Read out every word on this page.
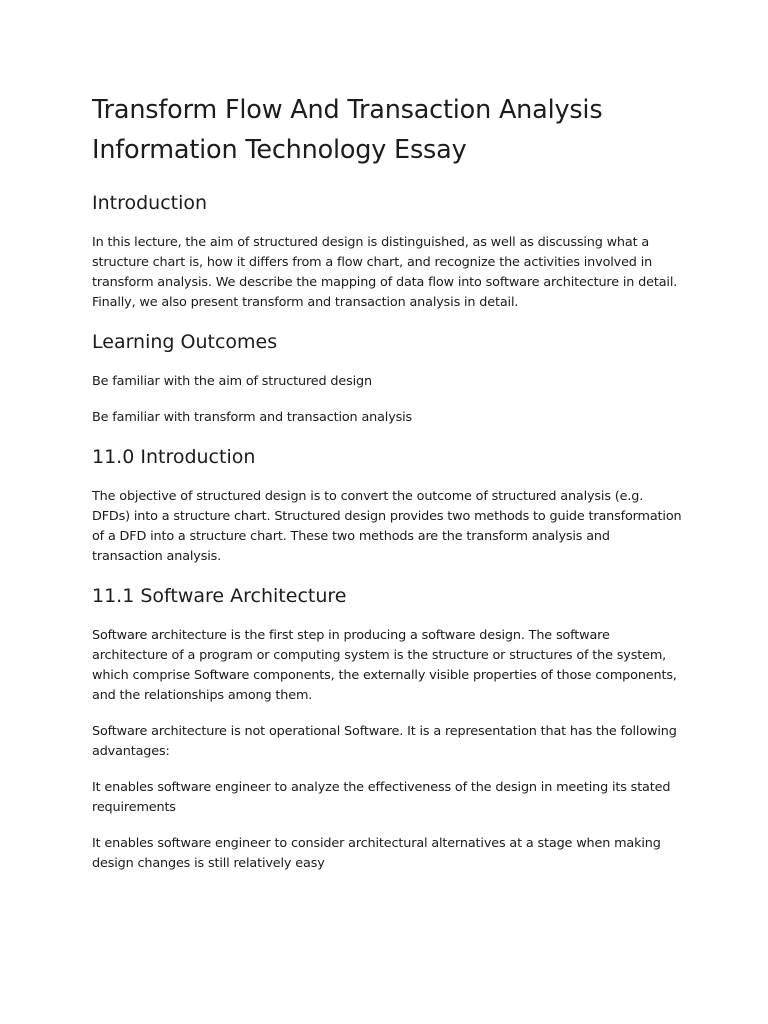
Transform Flow And Transaction Analysis Information Technology Essay
Introduction

In this lecture, the aim of structured design is distinguished, as well as discussing what a structure chart is, how it differs from a flow chart, and recognize the activities involved in transform analysis. We describe the mapping of data flow into software architecture in detail. Finally, we also present transform and transaction analysis in detail.

Learning Outcomes

Be familiar with the aim of structured design

Be familiar with transform and transaction analysis

11.0 Introduction

The objective of structured design is to convert the outcome of structured analysis (e.g. DFDs) into a structure chart. Structured design provides two methods to guide transformation of a DFD into a structure chart. These two methods are the transform analysis and transaction analysis.

11.1 Software Architecture

Software architecture is the first step in producing a software design. The software architecture of a program or computing system is the structure or structures of the system, which comprise Software components, the externally visible properties of those components, and the relationships among them.

Software architecture is not operational Software. It is a representation that has the following advantages:

It enables software engineer to analyze the effectiveness of the design in meeting its stated requirements

It enables software engineer to consider architectural alternatives at a stage when making design changes is still relatively easy
